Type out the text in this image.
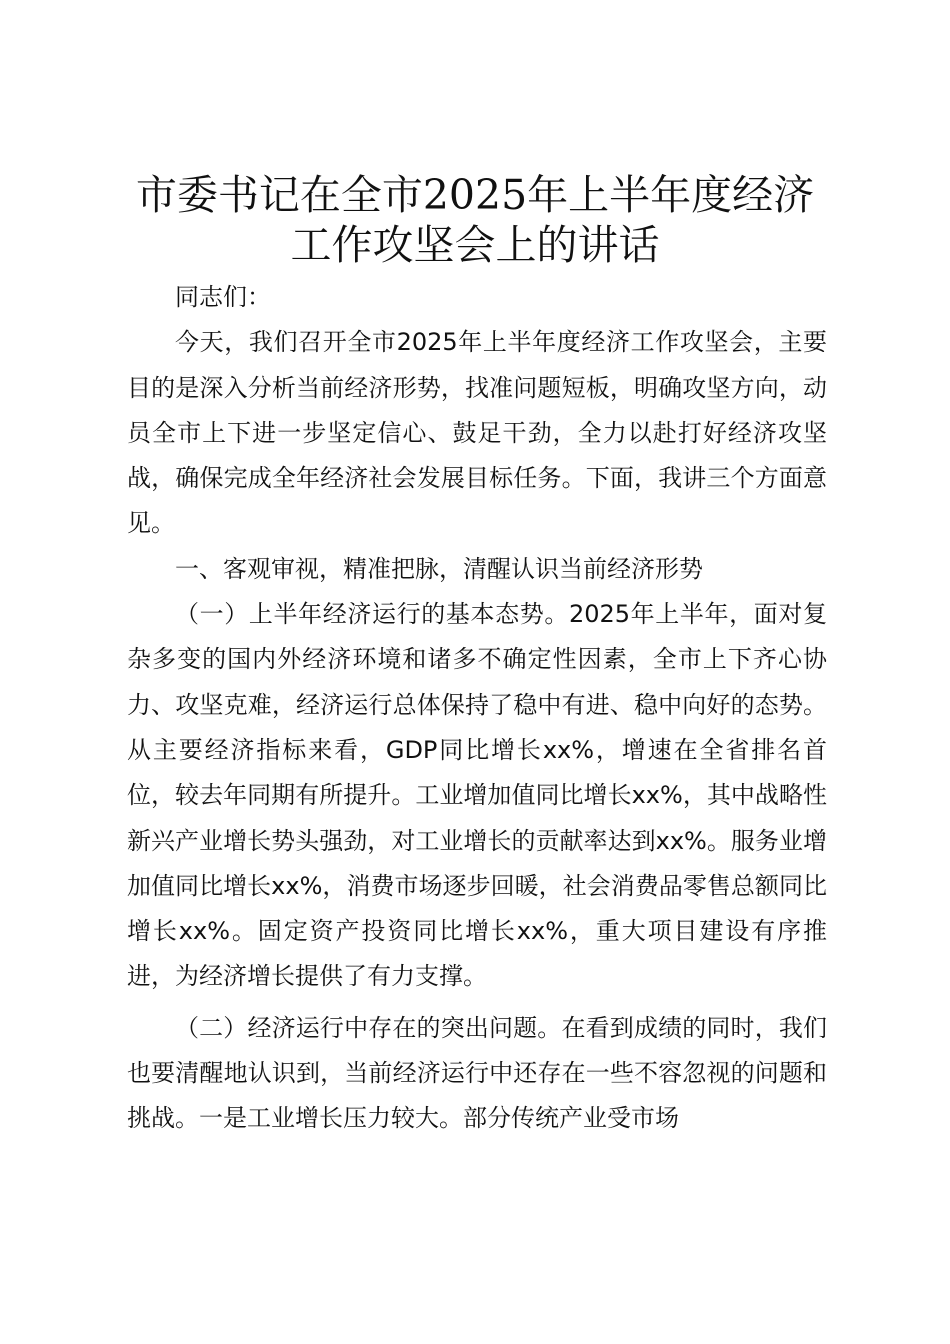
市委书记在全市2025年上半年度经济
工作攻坚会上的讲话

同志们：

今天，我们召开全市2025年上半年度经济工作攻坚会，主要目的是深入分析当前经济形势，找准问题短板，明确攻坚方向，动员全市上下进一步坚定信心、鼓足干劲，全力以赴打好经济攻坚战，确保完成全年经济社会发展目标任务。下面，我讲三个方面意见。

一、客观审视，精准把脉，清醒认识当前经济形势

（一）上半年经济运行的基本态势。2025年上半年，面对复杂多变的国内外经济环境和诸多不确定性因素，全市上下齐心协力、攻坚克难，经济运行总体保持了稳中有进、稳中向好的态势。从主要经济指标来看，GDP同比增长xx%，增速在全省排名首位，较去年同期有所提升。工业增加值同比增长xx%，其中战略性新兴产业增长势头强劲，对工业增长的贡献率达到xx%。服务业增加值同比增长xx%，消费市场逐步回暖，社会消费品零售总额同比增长xx%。固定资产投资同比增长xx%，重大项目建设有序推进，为经济增长提供了有力支撑。

（二）经济运行中存在的突出问题。在看到成绩的同时，我们也要清醒地认识到，当前经济运行中还存在一些不容忽视的问题和挑战。一是工业增长压力较大。部分传统产业受市场
